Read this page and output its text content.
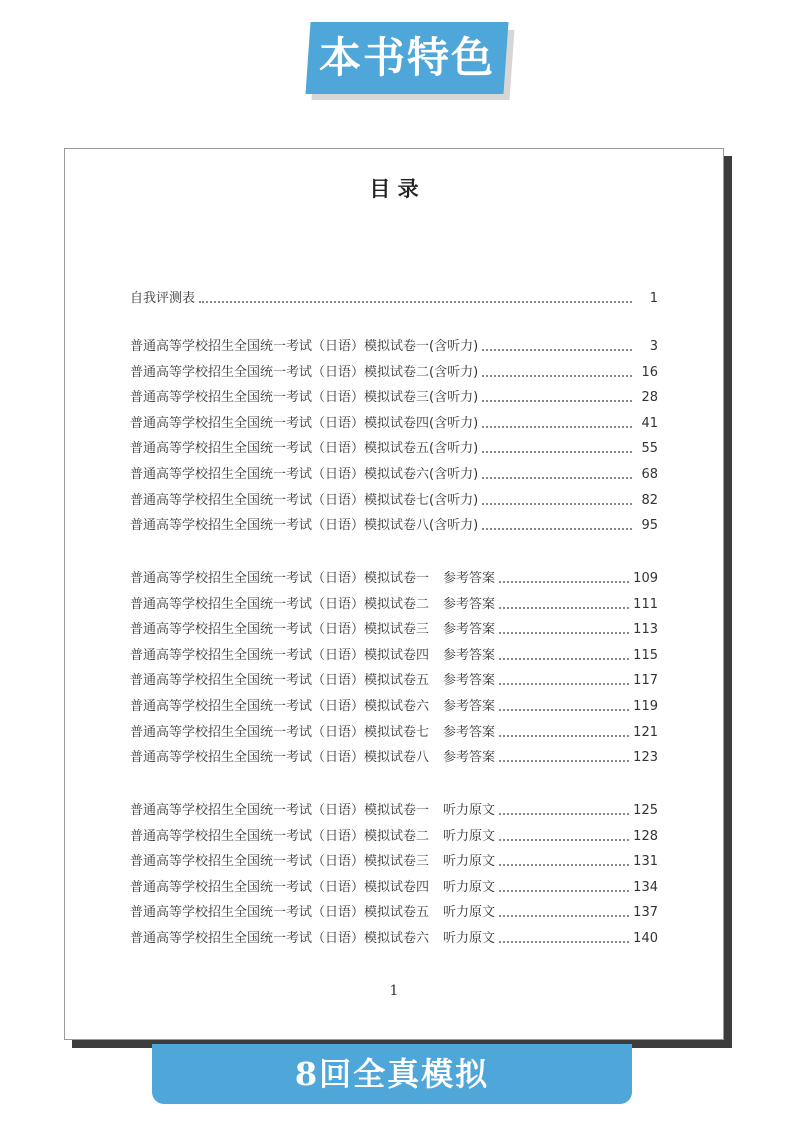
本书特色
目 录
自我评测表	1
普通高等学校招生全国统一考试（日语）模拟试卷一(含听力)	3
普通高等学校招生全国统一考试（日语）模拟试卷二(含听力)	16
普通高等学校招生全国统一考试（日语）模拟试卷三(含听力)	28
普通高等学校招生全国统一考试（日语）模拟试卷四(含听力)	41
普通高等学校招生全国统一考试（日语）模拟试卷五(含听力)	55
普通高等学校招生全国统一考试（日语）模拟试卷六(含听力)	68
普通高等学校招生全国统一考试（日语）模拟试卷七(含听力)	82
普通高等学校招生全国统一考试（日语）模拟试卷八(含听力)	95
普通高等学校招生全国统一考试（日语）模拟试卷一 参考答案	109
普通高等学校招生全国统一考试（日语）模拟试卷二 参考答案	111
普通高等学校招生全国统一考试（日语）模拟试卷三 参考答案	113
普通高等学校招生全国统一考试（日语）模拟试卷四 参考答案	115
普通高等学校招生全国统一考试（日语）模拟试卷五 参考答案	117
普通高等学校招生全国统一考试（日语）模拟试卷六 参考答案	119
普通高等学校招生全国统一考试（日语）模拟试卷七 参考答案	121
普通高等学校招生全国统一考试（日语）模拟试卷八 参考答案	123
普通高等学校招生全国统一考试（日语）模拟试卷一 听力原文	125
普通高等学校招生全国统一考试（日语）模拟试卷二 听力原文	128
普通高等学校招生全国统一考试（日语）模拟试卷三 听力原文	131
普通高等学校招生全国统一考试（日语）模拟试卷四 听力原文	134
普通高等学校招生全国统一考试（日语）模拟试卷五 听力原文	137
普通高等学校招生全国统一考试（日语）模拟试卷六 听力原文	140
1
8回全真模拟
